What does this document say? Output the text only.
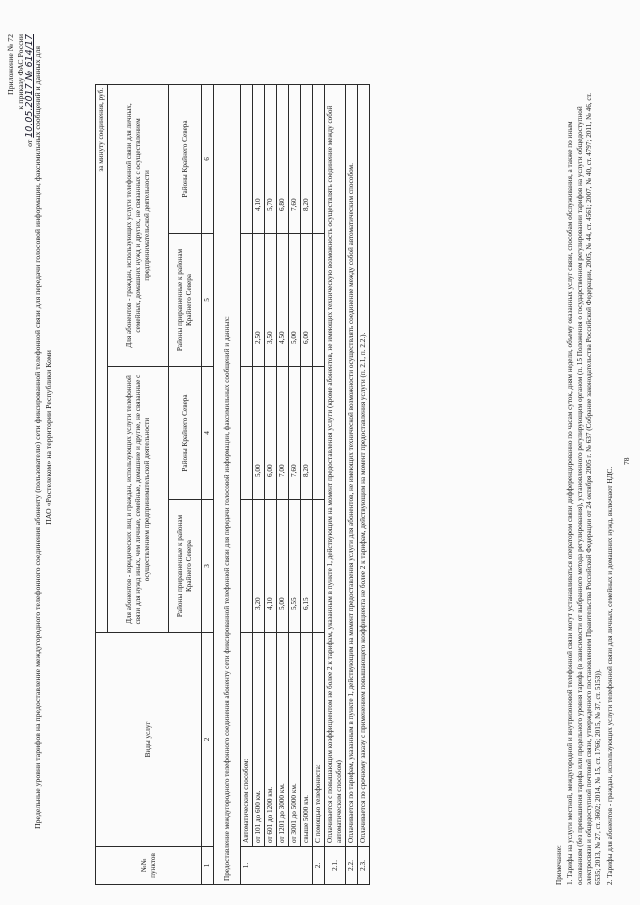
Приложение № 72 к приказу ФАС России
от 10.05.2017 № 614/17
Предельные уровни тарифов на предоставление междугородного телефонного соединения абоненту (пользователю) сети фиксированной телефонной связи для передачи голосовой информации, факсимильных сообщений и данных для ПАО «Ростелеком» на территории Республики Коми
№№ пунктов	Виды услуг	за минуту соединения, руб.			
		Для абонентов - юридических лиц и граждан, использующих услуги телефонной связи для нужд иных, чем личные, семейные, домашние и другие, не связанные с осуществлением предпринимательской деятельности		Для абонентов - граждан, использующих услуги телефонной связи для личных, семейных, домашних нужд и других, не связанных с осуществлением предпринимательской деятельности	
		Районы приравненные к районам Крайнего Севера	Районы Крайнего Севера	Районы приравненные к районам Крайнего Севера	Районы Крайнего Севера
1	2	3	4	5	6
Предоставление междугородного телефонного соединения абоненту сети фиксированной телефонной связи для передачи голосовой информации, факсимильных сообщений и данных:					
1.	Автоматическим способом:				
	от 101 до 600 км.	3,20	5,00	2,50	4,10
	от 601 до 1200 км.	4,10	6,00	3,50	5,70
	от 1201 до 3000 км.	5,00	7,00	4,50	6,80
	от 3001 до 5000 км.	5,55	7,60	5,00	7,60
	свыше 5000 км.	6,15	8,20	6,00	8,20
2.	С помощью телефониста:				
2.1.	Оплачивается с повышающим коэффициентом не более 2 к тарифам, указанным в пункте 1, действующим на момент предоставления услуги (кроме абонентов, не имеющих техническую возможность осуществлять соединение между собой автоматическим способом)				
2.2.	Оплачивается по тарифам, указанным в пункте 1, действующим на момент предоставления услуги для абонентов, не имеющих технической возможности осуществлять соединение между собой автоматическим способом.				
2.3.	Оплачивается по срочному заказу с применением повышающего коэффициента не более 2 к тарифам, действующим на момент предоставления услуги (п. 2.1, п. 2.2.).				

Примечание: 1. Тарифы на услуги местной, междугородной и внутризоновой телефонной связи могут устанавливаться оператором связи дифференцированно по часам суток, дням недели, объему оказанных услуг связи, способам обслуживания, а также по иным основаниям (без превышения тарифа или предельного уровня тарифа (в зависимости от выбранного метода регулирования), установленного регулирующим органом (п. 15 Положения о государственном регулировании тарифов на услуги общедоступной электросвязи и общедоступной почтовой связи, утвержденного постановлением Правительства Российской Федерации от 24 октября 2005 г. № 637 (Собрание законодательства Российской Федерации, 2005, № 44, ст. 4561; 2007, № 40, ст. 4797; 2011, № 46, ст. 6535; 2013, № 27, ст. 3602; 2014, № 15, ст. 1766; 2015, № 37, ст. 5153)). 2. Тарифы для абонентов - граждан, использующих услуги телефонной связи для личных, семейных и домашних нужд, включают НДС.

78
